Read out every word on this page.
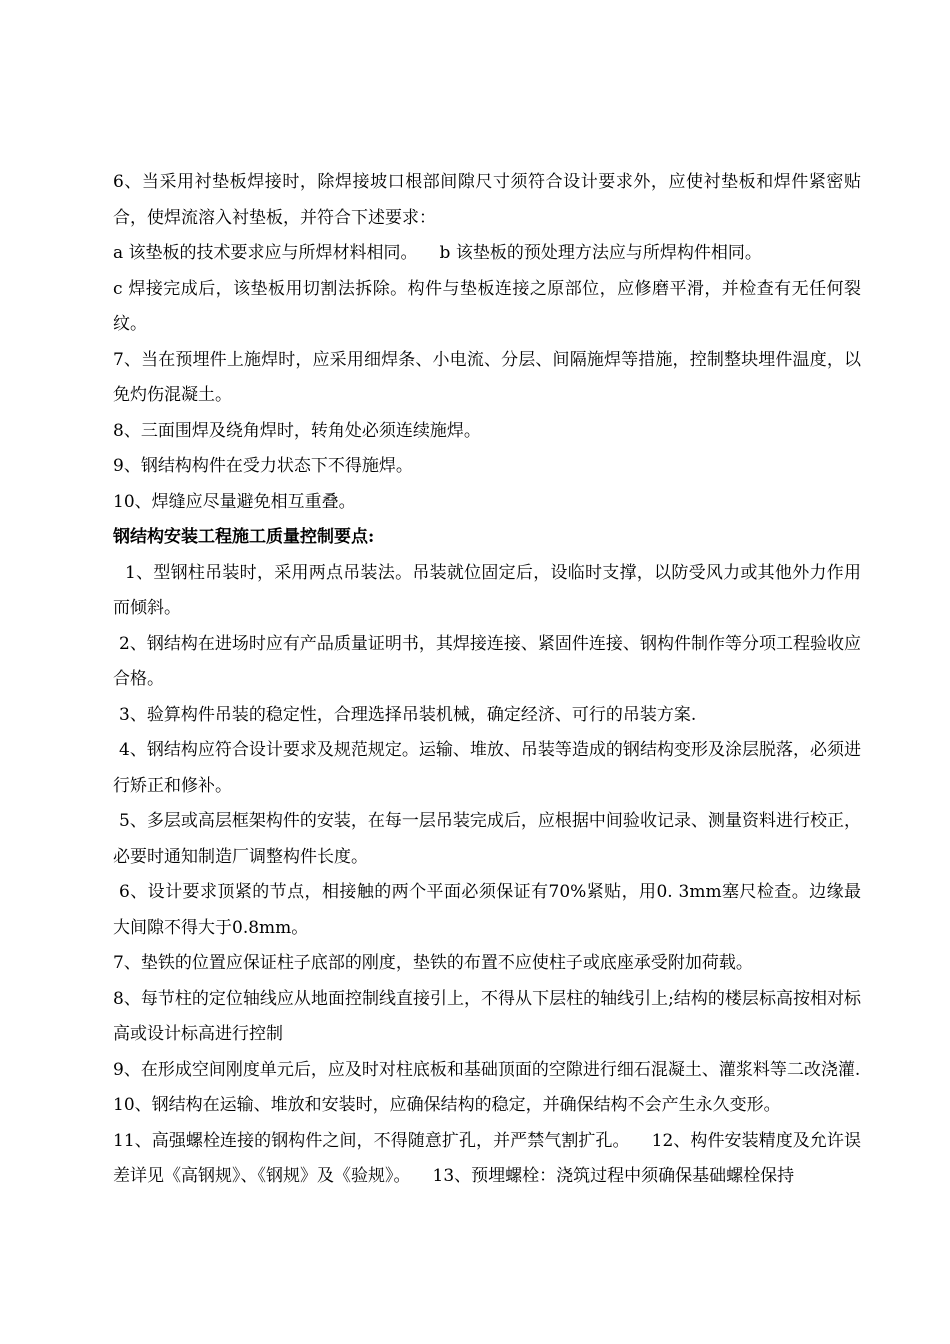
6、当采用衬垫板焊接时，除焊接坡口根部间隙尺寸须符合设计要求外，应使衬垫板和焊件紧密贴合，使焊流溶入衬垫板，并符合下述要求：

a 该垫板的技术要求应与所焊材料相同。 b 该垫板的预处理方法应与所焊构件相同。

c 焊接完成后，该垫板用切割法拆除。构件与垫板连接之原部位，应修磨平滑，并检查有无任何裂纹。

7、当在预埋件上施焊时，应采用细焊条、小电流、分层、间隔施焊等措施，控制整块埋件温度，以免灼伤混凝土。

8、三面围焊及绕角焊时，转角处必须连续施焊。

9、钢结构构件在受力状态下不得施焊。

10、焊缝应尽量避免相互重叠。

钢结构安装工程施工质量控制要点:

1、型钢柱吊装时，采用两点吊装法。吊装就位固定后，设临时支撑，以防受风力或其他外力作用而倾斜。

2、钢结构在进场时应有产品质量证明书，其焊接连接、紧固件连接、钢构件制作等分项工程验收应合格。

3、验算构件吊装的稳定性，合理选择吊装机械，确定经济、可行的吊装方案.

4、钢结构应符合设计要求及规范规定。运输、堆放、吊装等造成的钢结构变形及涂层脱落，必须进行矫正和修补。

5、多层或高层框架构件的安装，在每一层吊装完成后，应根据中间验收记录、测量资料进行校正，必要时通知制造厂调整构件长度。

6、设计要求顶紧的节点，相接触的两个平面必须保证有70%紧贴，用0. 3mm塞尺检查。边缘最大间隙不得大于0.8mm。

7、垫铁的位置应保证柱子底部的刚度，垫铁的布置不应使柱子或底座承受附加荷载。

8、每节柱的定位轴线应从地面控制线直接引上，不得从下层柱的轴线引上;结构的楼层标高按相对标高或设计标高进行控制

9、在形成空间刚度单元后，应及时对柱底板和基础顶面的空隙进行细石混凝土、灌浆料等二改浇灌.

10、钢结构在运输、堆放和安装时，应确保结构的稳定，并确保结构不会产生永久变形。

11、高强螺栓连接的钢构件之间，不得随意扩孔，并严禁气割扩孔。 12、构件安装精度及允许误差详见《高钢规》、《钢规》及《验规》。 13、预埋螺栓：浇筑过程中须确保基础螺栓保持
